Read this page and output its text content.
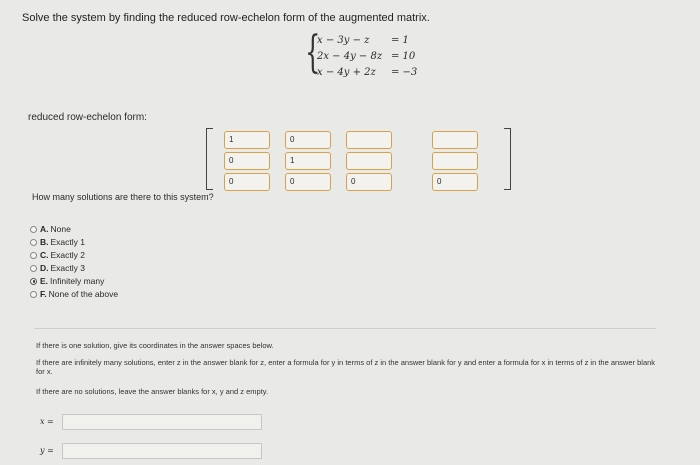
Solve the system by finding the reduced row-echelon form of the augmented matrix.
{
x − 3y − z = 1
2x − 4y − 8z = 10
x − 4y + 2z = −3
reduced row-echelon form:
1
0
0
0
1
0	0	0
How many solutions are there to this system?
A. None
B. Exactly 1
C. Exactly 2
D. Exactly 3
E. Infinitely many
F. None of the above
If there is one solution, give its coordinates in the answer spaces below.
If there are infinitely many solutions, enter z in the answer blank for z, enter a formula for y in terms of z in the answer blank for y and enter a formula for x in terms of z in the answer blank for x.
If there are no solutions, leave the answer blanks for x, y and z empty.
x =
y =
